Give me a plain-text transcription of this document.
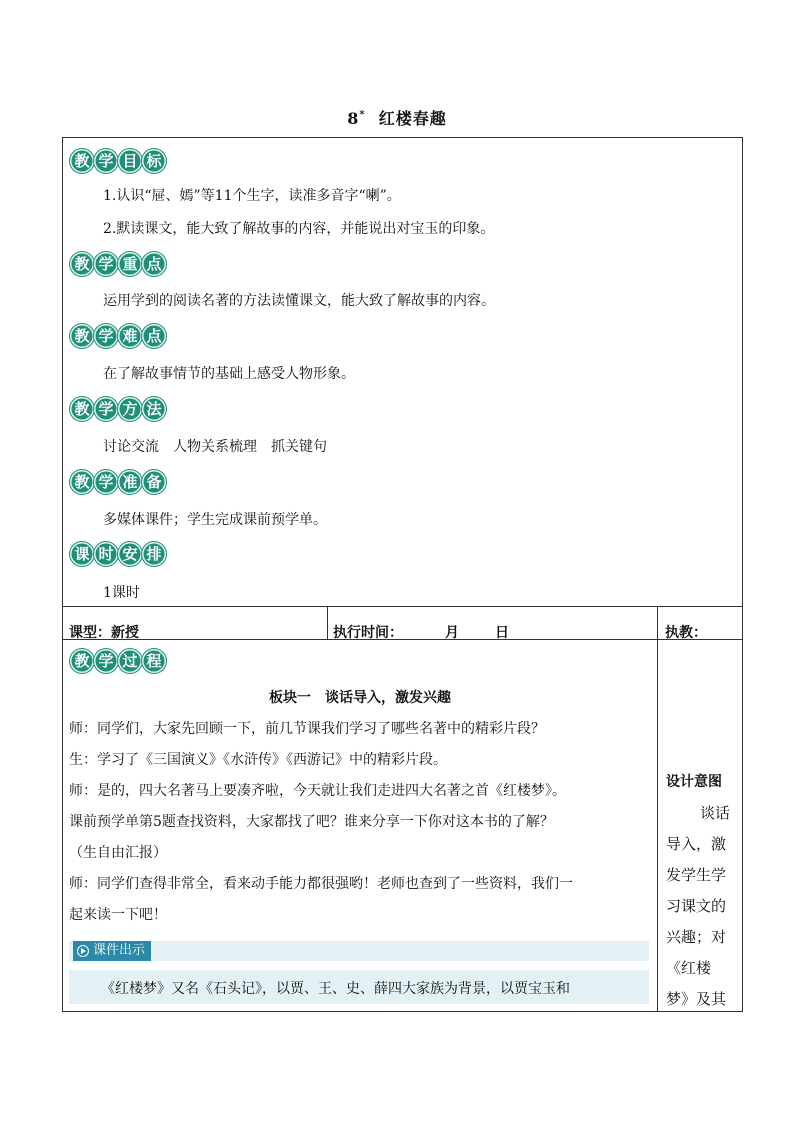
8* 红楼春趣
教 学 目 标
1.认识“屉、嫣”等11个生字，读准多音字“喇”。
2.默读课文，能大致了解故事的内容，并能说出对宝玉的印象。
教 学 重 点
运用学到的阅读名著的方法读懂课文，能大致了解故事的内容。
教 学 难 点
在了解故事情节的基础上感受人物形象。
教 学 方 法
讨论交流　人物关系梳理　抓关键句
教 学 准 备
多媒体课件；学生完成课前预学单。
课 时 安 排
1课时
课型：新授	执行时间：	月	日	执教：
教 学 过 程
板块一　谈话导入，激发兴趣
师：同学们，大家先回顾一下，前几节课我们学习了哪些名著中的精彩片段？
生：学习了《三国演义》《水浒传》《西游记》中的精彩片段。
师：是的，四大名著马上要凑齐啦，今天就让我们走进四大名著之首《红楼梦》。
课前预学单第5题查找资料，大家都找了吧？谁来分享一下你对这本书的了解？
（生自由汇报）
师：同学们查得非常全，看来动手能力都很强哟！老师也查到了一些资料，我们一
起来读一下吧！
课件出示
《红楼梦》又名《石头记》，以贾、王、史、薛四大家族为背景，以贾宝玉和
设计意图
谈话
导入，激
发学生学
习课文的
兴趣；对
《红楼
梦》及其
